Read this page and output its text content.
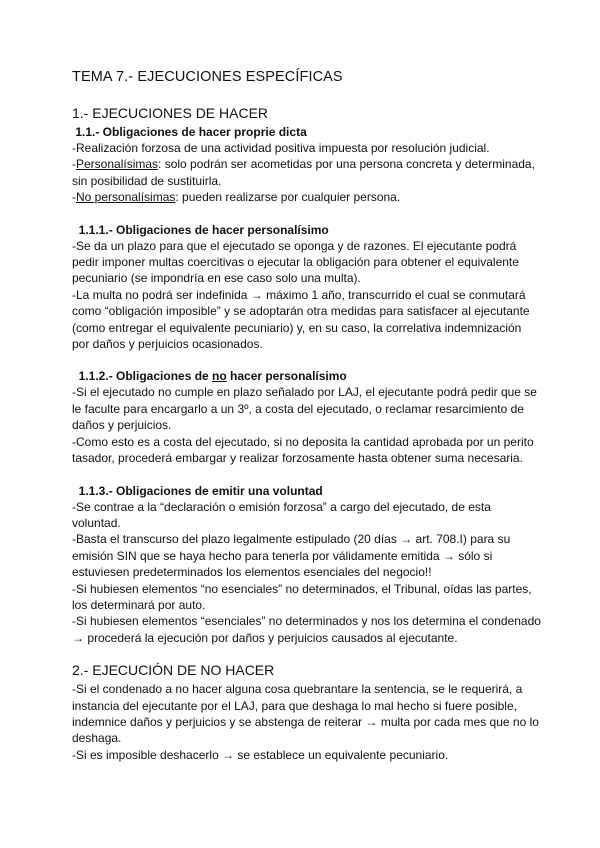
TEMA 7.- EJECUCIONES ESPECÍFICAS
1.- EJECUCIONES DE HACER
1.1.- Obligaciones de hacer proprie dicta

-Realización forzosa de una actividad positiva impuesta por resolución judicial.

-Personalísimas: solo podrán ser acometidas por una persona concreta y determinada, sin posibilidad de sustituirla.

-No personalísimas: pueden realizarse por cualquier persona.

1.1.1.- Obligaciones de hacer personalísimo

-Se da un plazo para que el ejecutado se oponga y de razones. El ejecutante podrá pedir imponer multas coercitivas o ejecutar la obligación para obtener el equivalente pecuniario (se impondría en ese caso solo una multa).

-La multa no podrá ser indefinida → máximo 1 año, transcurrido el cual se conmutará como “obligación imposible” y se adoptarán otra medidas para satisfacer al ejecutante (como entregar el equivalente pecuniario) y, en su caso, la correlativa indemnización por daños y perjuicios ocasionados.

1.1.2.- Obligaciones de no hacer personalísimo

-Si el ejecutado no cumple en plazo señalado por LAJ, el ejecutante podrá pedir que se le faculte para encargarlo a un 3º, a costa del ejecutado, o reclamar resarcimiento de daños y perjuicios.

-Como esto es a costa del ejecutado, si no deposita la cantidad aprobada por un perito tasador, procederá embargar y realizar forzosamente hasta obtener suma necesaria.

1.1.3.- Obligaciones de emitir una voluntad

-Se contrae a la “declaración o emisión forzosa” a cargo del ejecutado, de esta voluntad.

-Basta el transcurso del plazo legalmente estipulado (20 días → art. 708.I) para su emisión SIN que se haya hecho para tenerla por válidamente emitida → sólo si estuviesen predeterminados los elementos esenciales del negocio!!

-Si hubiesen elementos “no esenciales” no determinados, el Tribunal, oídas las partes, los determinará por auto.

-Si hubiesen elementos “esenciales” no determinados y nos los determina el condenado → procederá la ejecución por daños y perjuicios causados al ejecutante.

2.- EJECUCIÓN DE NO HACER

-Si el condenado a no hacer alguna cosa quebrantare la sentencia, se le requerirá, a instancia del ejecutante por el LAJ, para que deshaga lo mal hecho si fuere posible, indemnice daños y perjuicios y se abstenga de reiterar → multa por cada mes que no lo deshaga.

-Si es imposible deshacerlo → se establece un equivalente pecuniario.
